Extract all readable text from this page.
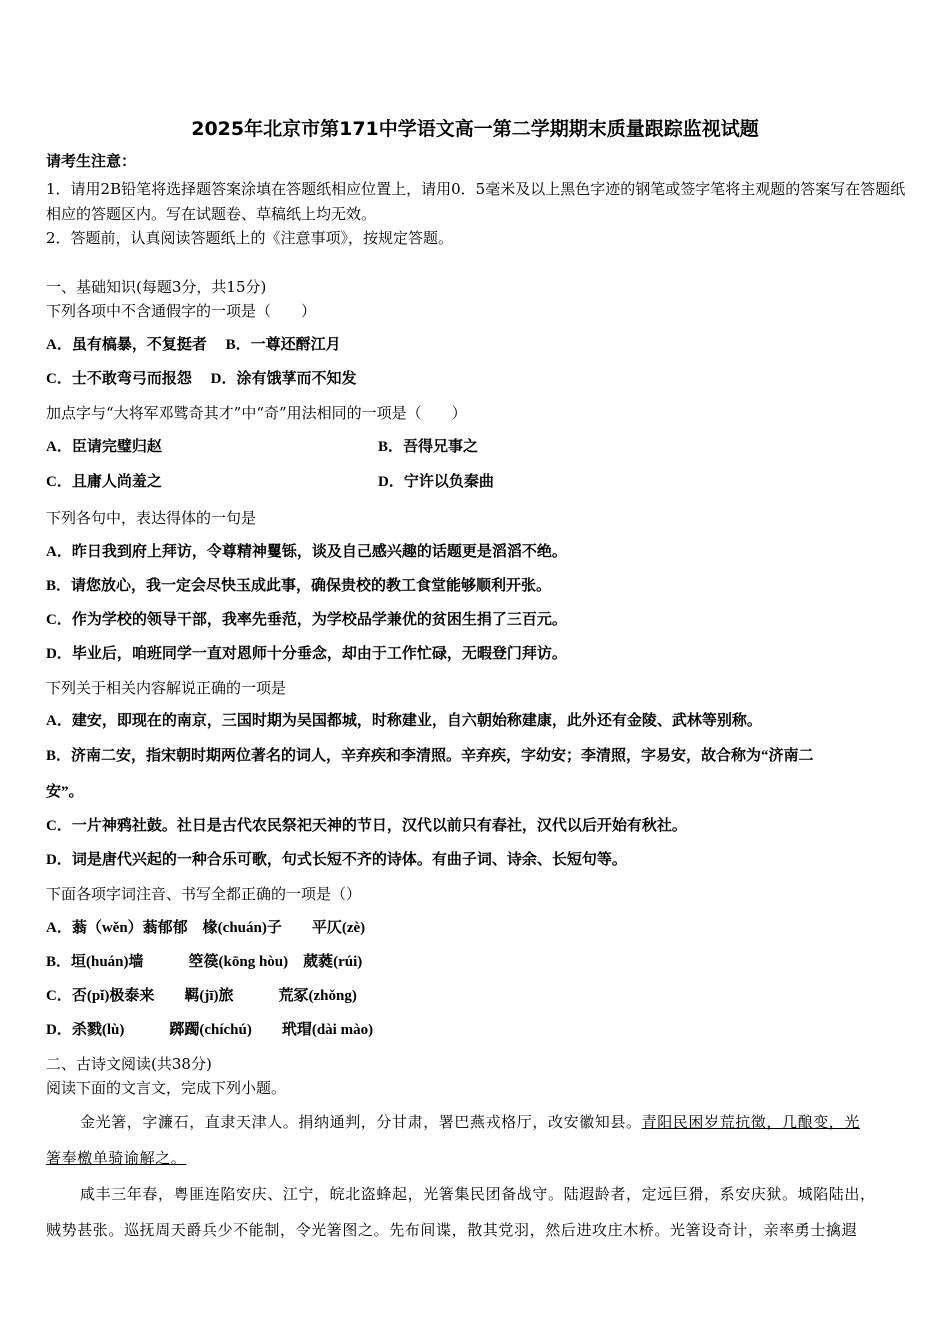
2025年北京市第171中学语文高一第二学期期末质量跟踪监视试题

请考生注意：

1．请用2B铅笔将选择题答案涂填在答题纸相应位置上，请用0．5毫米及以上黑色字迹的钢笔或签字笔将主观题的答案写在答题纸相应的答题区内。写在试题卷、草稿纸上均无效。

2．答题前，认真阅读答题纸上的《注意事项》，按规定答题。

一、基础知识(每题3分，共15分)

下列各项中不含通假字的一项是（　　）

A．虽有槁暴，不复挺者　 B．一尊还酹江月

C．士不敢弯弓而报怨　 D．涂有饿莩而不知发

加点字与“大将军邓骘奇其才”中“奇”用法相同的一项是（　　）

A．臣请完璧归赵	B．吾得兄事之

C．且庸人尚羞之	D．宁许以负秦曲

下列各句中，表达得体的一句是

A．昨日我到府上拜访，令尊精神矍铄，谈及自己感兴趣的话题更是滔滔不绝。

B．请您放心，我一定会尽快玉成此事，确保贵校的教工食堂能够顺利开张。

C．作为学校的领导干部，我率先垂范，为学校品学兼优的贫困生捐了三百元。

D．毕业后，咱班同学一直对恩师十分垂念，却由于工作忙碌，无暇登门拜访。

下列关于相关内容解说正确的一项是

A．建安，即现在的南京，三国时期为吴国都城，时称建业，自六朝始称建康，此外还有金陵、武林等别称。

B．济南二安，指宋朝时期两位著名的词人，辛弃疾和李清照。辛弃疾，字幼安；李清照，字易安，故合称为“济南二

安”。

C．一片神鸦社鼓。社日是古代农民祭祀天神的节日，汉代以前只有春社，汉代以后开始有秋社。

D．词是唐代兴起的一种合乐可歌，句式长短不齐的诗体。有曲子词、诗余、长短句等。

下面各项字词注音、书写全都正确的一项是（）

A．蓊（wěn）蓊郁郁　椽(chuán)子　　平仄(zè)

B．垣(huán)墙　　　箜篌(kōng hòu)　葳蕤(rúi)

C．否(pǐ)极泰来　　羁(jī)旅　　　荒冢(zhǒng)

D．杀戮(lù)　　　踯躅(chíchú)　　玳瑁(dài mào)

二、古诗文阅读(共38分)

阅读下面的文言文，完成下列小题。

金光箸，字濂石，直隶天津人。捐纳通判，分甘肃，署巴燕戎格厅，改安徽知县。青阳民困岁荒抗徵，几酿变，光

箸奉檄单骑谕解之。

咸丰三年春，粤匪连陷安庆、江宁，皖北盗蜂起，光箸集民团备战守。陆遐龄者，定远巨猾，系安庆狱。城陷陆出，

贼势甚张。巡抚周天爵兵少不能制，令光箸图之。先布间谍，散其党羽，然后进攻庄木桥。光箸设奇计，亲率勇士擒遐
